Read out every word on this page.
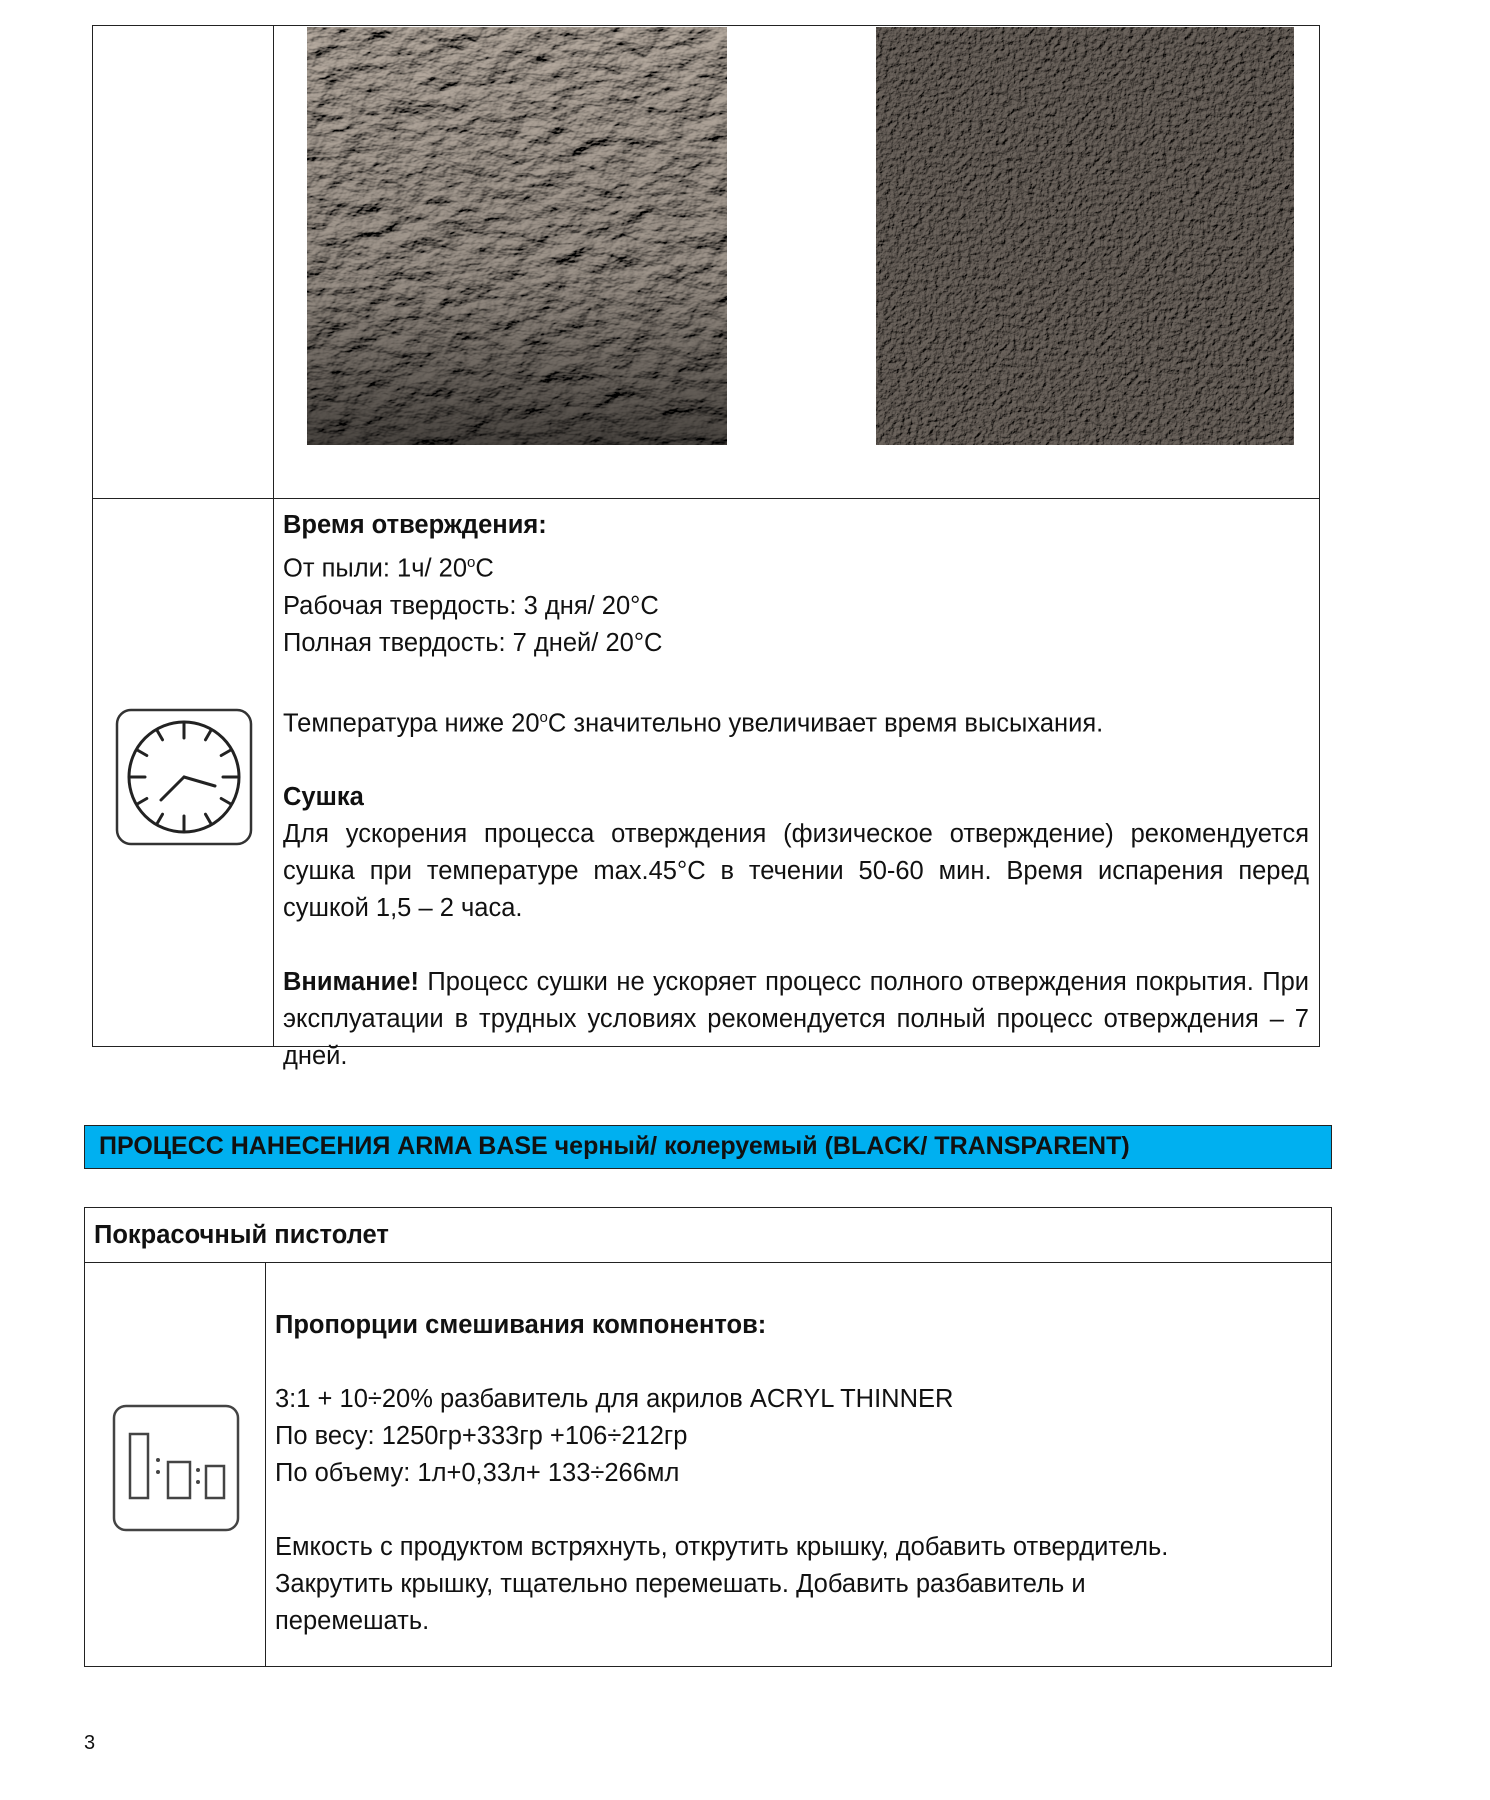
Время отверждения:

От пыли: 1ч/ 20$^o$С

Рабочая твердость: 3 дня/ 20°С

Полная твердость: 7 дней/ 20°С

Температура ниже 20$^o$С значительно увеличивает время высыхания.

Сушка

Для ускорения процесса отверждения (физическое отверждение) рекомендуется сушка при температуре max.45°C в течении 50-60 мин. Время испарения перед сушкой 1,5 – 2 часа.

Внимание! Процесс сушки не ускоряет процесс полного отверждения покрытия. При эксплуатации в трудных условиях рекомендуется полный процесс отверждения – 7 дней.

ПРОЦЕСС НАНЕСЕНИЯ ARMA BASE черный/ колеруемый (BLACK/ TRANSPARENT)
Покрасочный пистолет

Пропорции смешивания компонентов:

3:1 + 10÷20% разбавитель для акрилов ACRYL THINNER

По весу: 1250гр+333гр +106÷212гр

По объему: 1л+0,33л+ 133÷266мл

Емкость с продуктом встряхнуть, открутить крышку, добавить отвердитель.

Закрутить крышку, тщательно перемешать. Добавить разбавитель и

перемешать.

3
